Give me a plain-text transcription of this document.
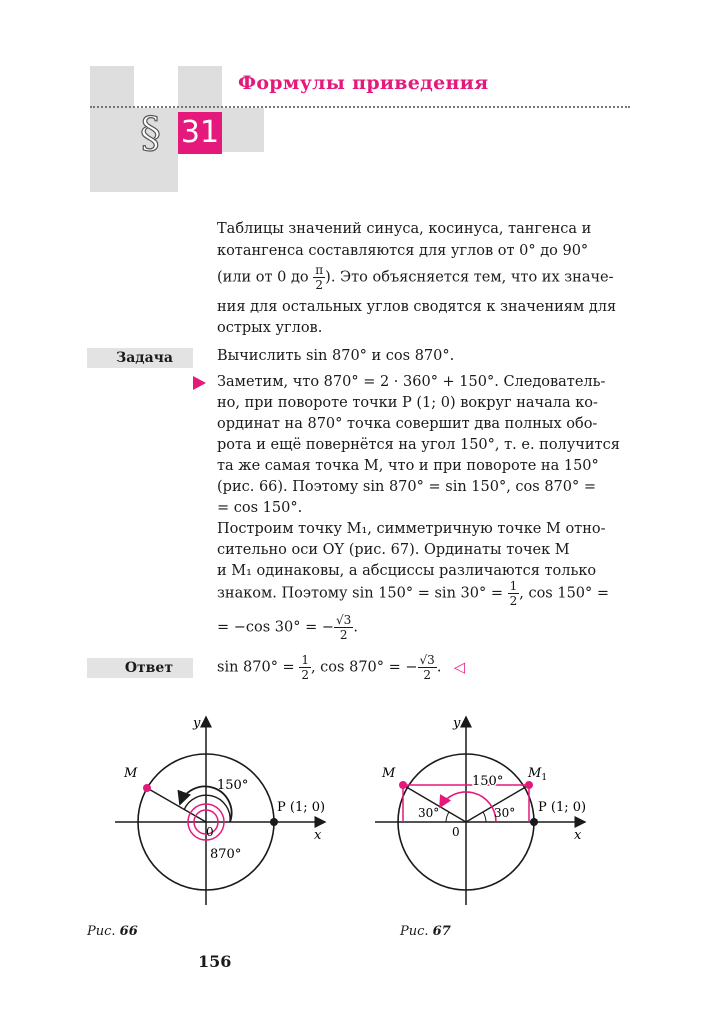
§ 31
Формулы приведения
Таблицы значений синуса, косинуса, тангенса и
котангенса составляются для углов от 0° до 90°
(или от 0 до $\frac{\pi}{2}$ ). Это объясняется тем, что их значе-
ния для остальных углов сводятся к значениям для
острых углов.
Задача	Вычислить sin 870° и cos 870°.
Заметим, что 870° = 2 · 360° + 150°. Следователь-
но, при повороте точки P (1; 0) вокруг начала ко-
ординат на 870° точка совершит два полных обо-
рота и ещё повернётся на угол 150°, т. е. получится
та же самая точка M, что и при повороте на 150°
(рис. 66). Поэтому sin 870° = sin 150°, cos 870° =
= cos 150°.
Построим точку M₁, симметричную точке M отно-
сительно оси OY (рис. 67). Ординаты точек M
и M₁ одинаковы, а абсциссы различаются только
знаком. Поэтому $\sin 150^\circ = \sin 30^\circ = \frac{1}{2}$ , cos 150° =
= −cos 30° = − $\frac{√3}{2}$ .
Ответ	$\sin 870^\circ = \frac{1}{2}$ , cos 870° = − $\frac{√3}{2}$ . ◁
y
x
M
P (1; 0)
0
150°
870°
y
x
M	$M_1$
P (1; 0)
0
150°
30°	30°
Рис. 66	Рис. 67
156
